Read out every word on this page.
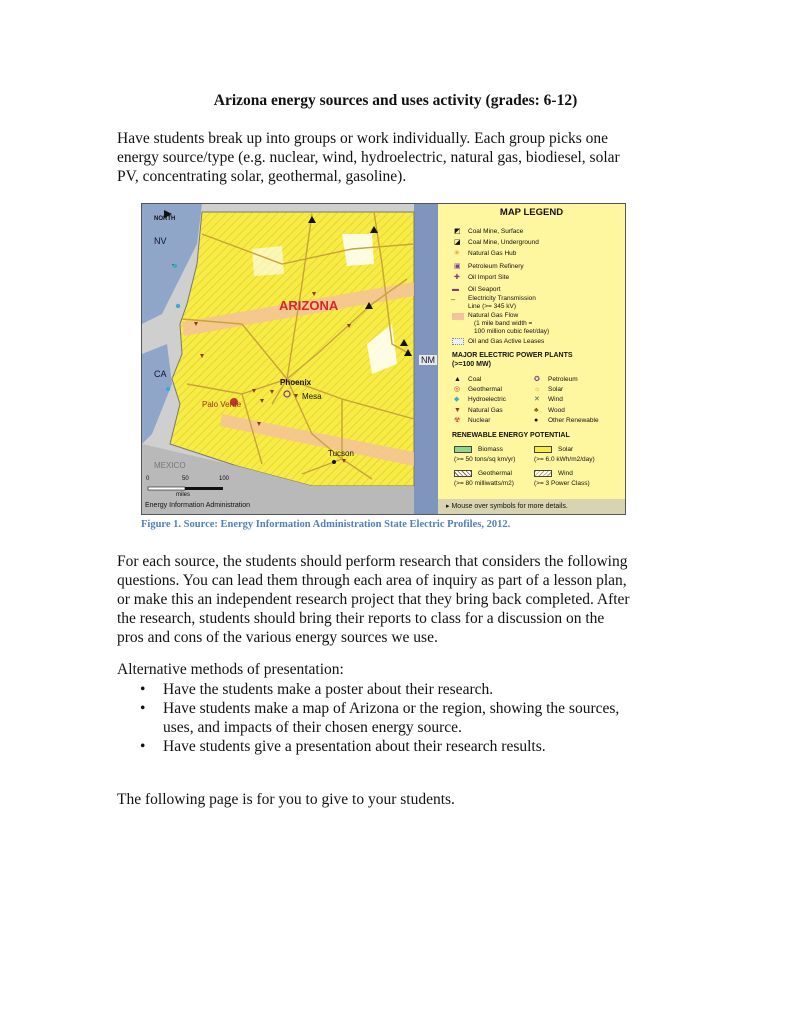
Arizona energy sources and uses activity (grades: 6-12)
Have students break up into groups or work individually. Each group picks one
energy source/type (e.g. nuclear, wind, hydroelectric, natural gas, biodiesel, solar
PV, concentrating solar, geothermal, gasoline).
NORTH
NV
CA
NM
MEXICO
ARIZONA
Phoenix
Mesa
Palo Verde
Tucson
0	50	100
miles
Energy Information Administration
MAP LEGEND
◩ Coal Mine, Surface
◪ Coal Mine, Underground
✳ Natural Gas Hub
▣ Petroleum Refinery
✚ Oil Import Site
▬ Oil Seaport
━ Electricity Transmission
Line (>= 345 kV)
Natural Gas Flow
(1 mile band width =
100 million cubic feet/day)
Oil and Gas Active Leases
MAJOR ELECTRIC POWER PLANTS
(>=100 MW)
▲ Coal
◎ Geothermal
◆ Hydroelectric
▼ Natural Gas
☢ Nuclear
✪ Petroleum
☼ Solar
✕ Wind
♣ Wood
● Other Renewable
RENEWABLE ENERGY POTENTIAL
Biomass
(>= 50 tons/sq km/yr)
Geothermal
(>= 80 milliwatts/m2)
Solar
(>= 6.0 kWh/m2/day)
Wind
(>= 3 Power Class)
▸ Mouse over symbols for more details.
Figure 1. Source: Energy Information Administration State Electric Profiles, 2012.
For each source, the students should perform research that considers the following
questions. You can lead them through each area of inquiry as part of a lesson plan,
or make this an independent research project that they bring back completed. After
the research, students should bring their reports to class for a discussion on the
pros and cons of the various energy sources we use.
Alternative methods of presentation:
•	Have the students make a poster about their research.
•	Have students make a map of Arizona or the region, showing the sources,
uses, and impacts of their chosen energy source.
•	Have students give a presentation about their research results.
The following page is for you to give to your students.
